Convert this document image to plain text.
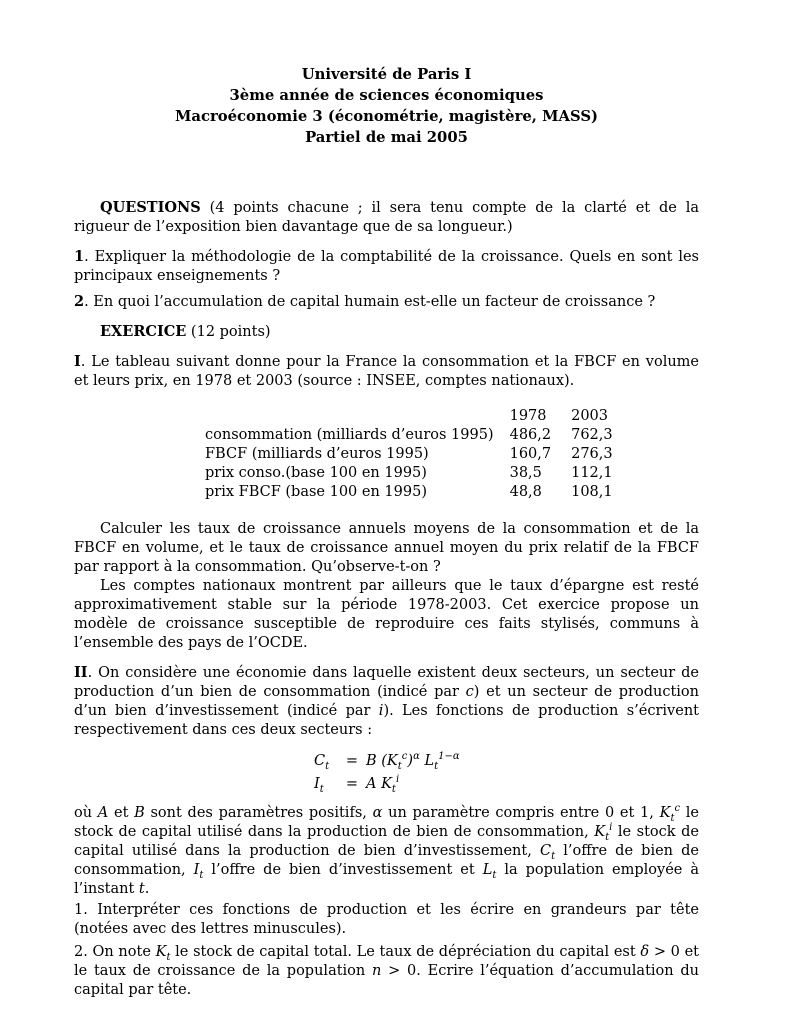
Université de Paris I
3ème année de sciences économiques
Macroéconomie 3 (économétrie, magistère, MASS)
Partiel de mai 2005

QUESTIONS (4 points chacune ; il sera tenu compte de la clarté et de la rigueur de l’exposition bien davantage que de sa longueur.)

1. Expliquer la méthodologie de la comptabilité de la croissance. Quels en sont les principaux enseignements ?

2. En quoi l’accumulation de capital humain est-elle un facteur de croissance ?

EXERCICE (12 points)

I. Le tableau suivant donne pour la France la consommation et la FBCF en volume et leurs prix, en 1978 et 2003 (source : INSEE, comptes nationaux).

	1978	2003
consommation (milliards d’euros 1995)	486,2	762,3
FBCF (milliards d’euros 1995)	160,7	276,3
prix conso.(base 100 en 1995)	38,5	112,1
prix FBCF (base 100 en 1995)	48,8	108,1

Calculer les taux de croissance annuels moyens de la consommation et de la FBCF en volume, et le taux de croissance annuel moyen du prix relatif de la FBCF par rapport à la consommation. Qu’observe-t-on ?

Les comptes nationaux montrent par ailleurs que le taux d’épargne est resté approximativement stable sur la période 1978-2003. Cet exercice propose un modèle de croissance susceptible de reproduire ces faits stylisés, communs à l’ensemble des pays de l’OCDE.

II. On considère une économie dans laquelle existent deux secteurs, un secteur de production d’un bien de consommation (indicé par c) et un secteur de production d’un bien d’investissement (indicé par i). Les fonctions de production s’écrivent respectivement dans ces deux secteurs :

$C_t = B$ $(K_t^c)^\alpha$ $L_t^{1-\alpha}$
$I_t = A$ $K_t^i$

où A et B sont des paramètres positifs, α un paramètre compris entre 0 et 1, $K_t^c$ le stock de capital utilisé dans la production de bien de consommation, $K_t^i$ le stock de capital utilisé dans la production de bien d’investissement, $C_t$ l’offre de bien de consommation, $I_t$ l’offre de bien d’investissement et $L_t$ la population employée à l’instant t.

1. Interpréter ces fonctions de production et les écrire en grandeurs par tête (notées avec des lettres minuscules).

2. On note $K_t$ le stock de capital total. Le taux de dépréciation du capital est δ > 0 et le taux de croissance de la population n > 0. Ecrire l’équation d’accumulation du capital par tête.
